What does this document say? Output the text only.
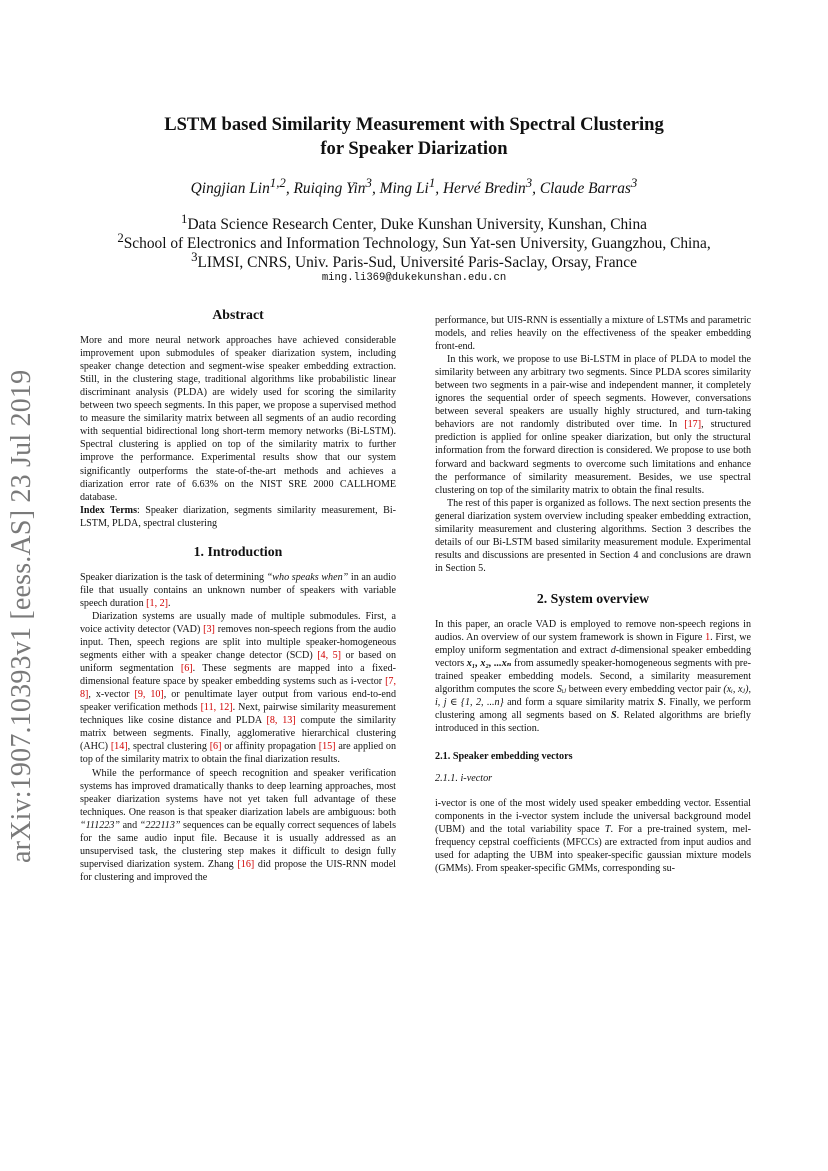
arXiv:1907.10393v1 [eess.AS] 23 Jul 2019
LSTM based Similarity Measurement with Spectral Clustering
for Speaker Diarization
Qingjian Lin$^{1,2}$, Ruiqing Yin$^3$, Ming Li$^1$, Hervé Bredin$^3$, Claude Barras$^3$
$^1$Data Science Research Center, Duke Kunshan University, Kunshan, China
$^2$School of Electronics and Information Technology, Sun Yat-sen University, Guangzhou, China,
$^3$LIMSI, CNRS, Univ. Paris-Sud, Université Paris-Saclay, Orsay, France
ming.li369@dukekunshan.edu.cn
Abstract

More and more neural network approaches have achieved considerable improvement upon submodules of speaker diarization system, including speaker change detection and segment-wise speaker embedding extraction. Still, in the clustering stage, traditional algorithms like probabilistic linear discriminant analysis (PLDA) are widely used for scoring the similarity between two speech segments. In this paper, we propose a supervised method to measure the similarity matrix between all segments of an audio recording with sequential bidirectional long short-term memory networks (Bi-LSTM). Spectral clustering is applied on top of the similarity matrix to further improve the performance. Experimental results show that our system significantly outperforms the state-of-the-art methods and achieves a diarization error rate of 6.63% on the NIST SRE 2000 CALLHOME database.

Index Terms: Speaker diarization, segments similarity measurement, Bi-LSTM, PLDA, spectral clustering

1. Introduction

Speaker diarization is the task of determining “who speaks when” in an audio file that usually contains an unknown number of speakers with variable speech duration [1, 2].

Diarization systems are usually made of multiple submodules. First, a voice activity detector (VAD) [3] removes non-speech regions from the audio input. Then, speech regions are split into multiple speaker-homogeneous segments either with a speaker change detector (SCD) [4, 5] or based on uniform segmentation [6]. These segments are mapped into a fixed-dimensional feature space by speaker embedding systems such as i-vector [7, 8], x-vector [9, 10], or penultimate layer output from various end-to-end speaker verification methods [11, 12]. Next, pairwise similarity measurement techniques like cosine distance and PLDA [8, 13] compute the similarity matrix between segments. Finally, agglomerative hierarchical clustering (AHC) [14], spectral clustering [6] or affinity propagation [15] are applied on top of the similarity matrix to obtain the final diarization results.

While the performance of speech recognition and speaker verification systems has improved dramatically thanks to deep learning approaches, most speaker diarization systems have not yet taken full advantage of these techniques. One reason is that speaker diarization labels are ambiguous: both “111223” and “222113” sequences can be equally correct sequences of labels for the same audio input file. Because it is usually addressed as an unsupervised task, the clustering step makes it difficult to design fully supervised diarization system. Zhang [16] did propose the UIS-RNN model for clustering and improved the

performance, but UIS-RNN is essentially a mixture of LSTMs and parametric models, and relies heavily on the effectiveness of the speaker embedding front-end.

In this work, we propose to use Bi-LSTM in place of PLDA to model the similarity between any arbitrary two segments. Since PLDA scores similarity between two segments in a pair-wise and independent manner, it completely ignores the sequential order of speech segments. However, conversations between several speakers are usually highly structured, and turn-taking behaviors are not randomly distributed over time. In [17], structured prediction is applied for online speaker diarization, but only the structural information from the forward direction is considered. We propose to use both forward and backward segments to overcome such limitations and enhance the performance of similarity measurement. Besides, we use spectral clustering on top of the similarity matrix to obtain the final results.

The rest of this paper is organized as follows. The next section presents the general diarization system overview including speaker embedding extraction, similarity measurement and clustering algorithms. Section 3 describes the details of our Bi-LSTM based similarity measurement module. Experimental results and discussions are presented in Section 4 and conclusions are drawn in Section 5.

2. System overview

In this paper, an oracle VAD is employed to remove non-speech regions in audios. An overview of our system framework is shown in Figure 1. First, we employ uniform segmentation and extract d-dimensional speaker embedding vectors x₁, x₂, ...xₙ from assumedly speaker-homogeneous segments with pre-trained speaker embedding models. Second, a similarity measurement algorithm computes the score Sᵢⱼ between every embedding vector pair (xᵢ, xⱼ), i, j ∈ {1, 2, ...n} and form a square similarity matrix S. Finally, we perform clustering among all segments based on S. Related algorithms are briefly introduced in this section.

2.1. Speaker embedding vectors
2.1.1. i-vector

i-vector is one of the most widely used speaker embedding vector. Essential components in the i-vector system include the universal background model (UBM) and the total variability space T. For a pre-trained system, mel-frequency cepstral coefficients (MFCCs) are extracted from input audios and used for adapting the UBM into speaker-specific gaussian mixture models (GMMs). From speaker-specific GMMs, corresponding su-
